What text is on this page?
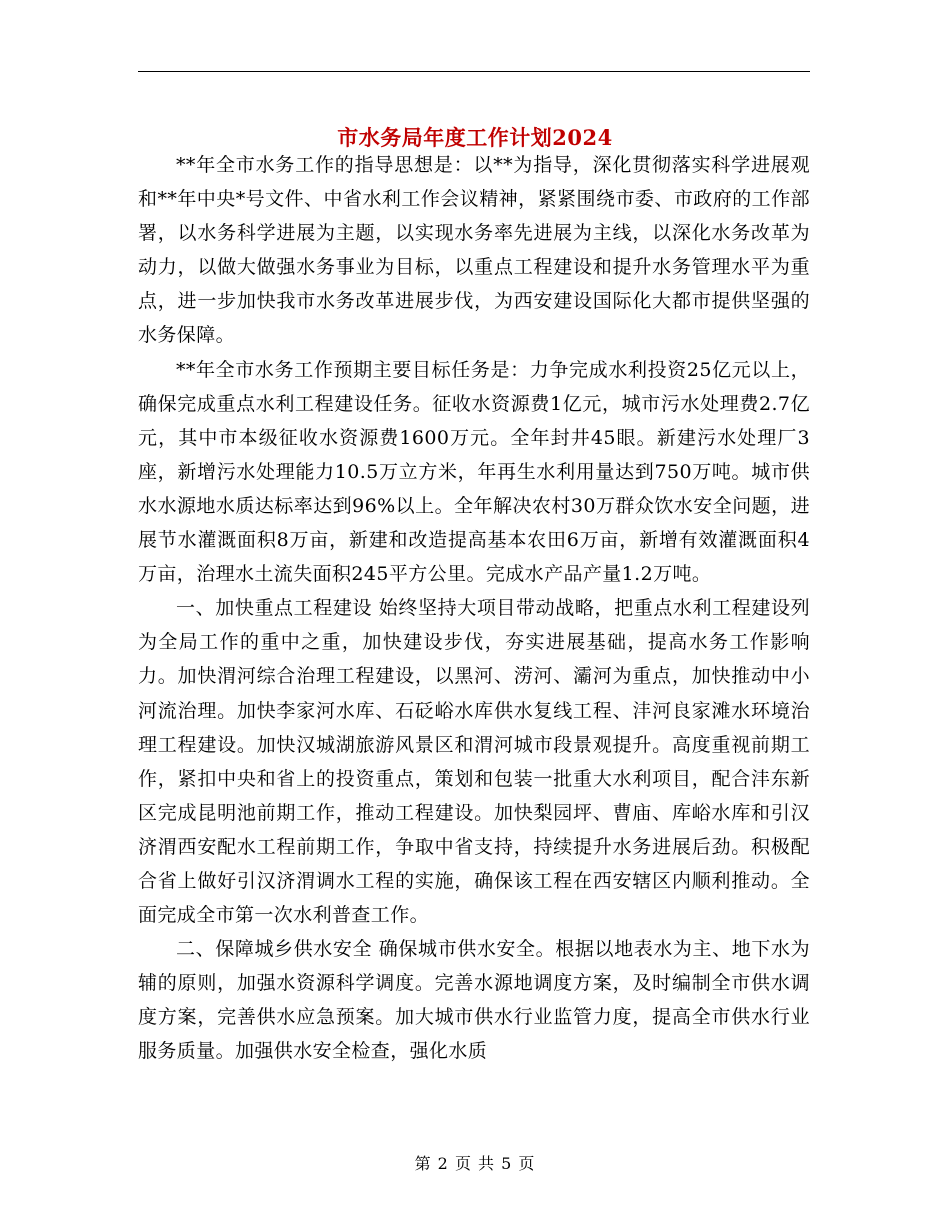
市水务局年度工作计划2024

**年全市水务工作的指导思想是：以**为指导，深化贯彻落实科学进展观和**年中央*号文件、中省水利工作会议精神，紧紧围绕市委、市政府的工作部署，以水务科学进展为主题，以实现水务率先进展为主线，以深化水务改革为动力，以做大做强水务事业为目标，以重点工程建设和提升水务管理水平为重点，进一步加快我市水务改革进展步伐，为西安建设国际化大都市提供坚强的水务保障。

**年全市水务工作预期主要目标任务是：力争完成水利投资25亿元以上，确保完成重点水利工程建设任务。征收水资源费1亿元，城市污水处理费2.7亿元，其中市本级征收水资源费1600万元。全年封井45眼。新建污水处理厂3座，新增污水处理能力10.5万立方米，年再生水利用量达到750万吨。城市供水水源地水质达标率达到96%以上。全年解决农村30万群众饮水安全问题，进展节水灌溉面积8万亩，新建和改造提高基本农田6万亩，新增有效灌溉面积4万亩，治理水土流失面积245平方公里。完成水产品产量1.2万吨。

一、加快重点工程建设 始终坚持大项目带动战略，把重点水利工程建设列为全局工作的重中之重，加快建设步伐，夯实进展基础，提高水务工作影响力。加快渭河综合治理工程建设，以黑河、涝河、灞河为重点，加快推动中小河流治理。加快李家河水库、石砭峪水库供水复线工程、沣河良家滩水环境治理工程建设。加快汉城湖旅游风景区和渭河城市段景观提升。高度重视前期工作，紧扣中央和省上的投资重点，策划和包装一批重大水利项目，配合沣东新区完成昆明池前期工作，推动工程建设。加快梨园坪、曹庙、库峪水库和引汉济渭西安配水工程前期工作，争取中省支持，持续提升水务进展后劲。积极配合省上做好引汉济渭调水工程的实施，确保该工程在西安辖区内顺利推动。全面完成全市第一次水利普查工作。

二、保障城乡供水安全 确保城市供水安全。根据以地表水为主、地下水为辅的原则，加强水资源科学调度。完善水源地调度方案，及时编制全市供水调度方案，完善供水应急预案。加大城市供水行业监管力度，提高全市供水行业服务质量。加强供水安全检查，强化水质

第 2 页 共 5 页
